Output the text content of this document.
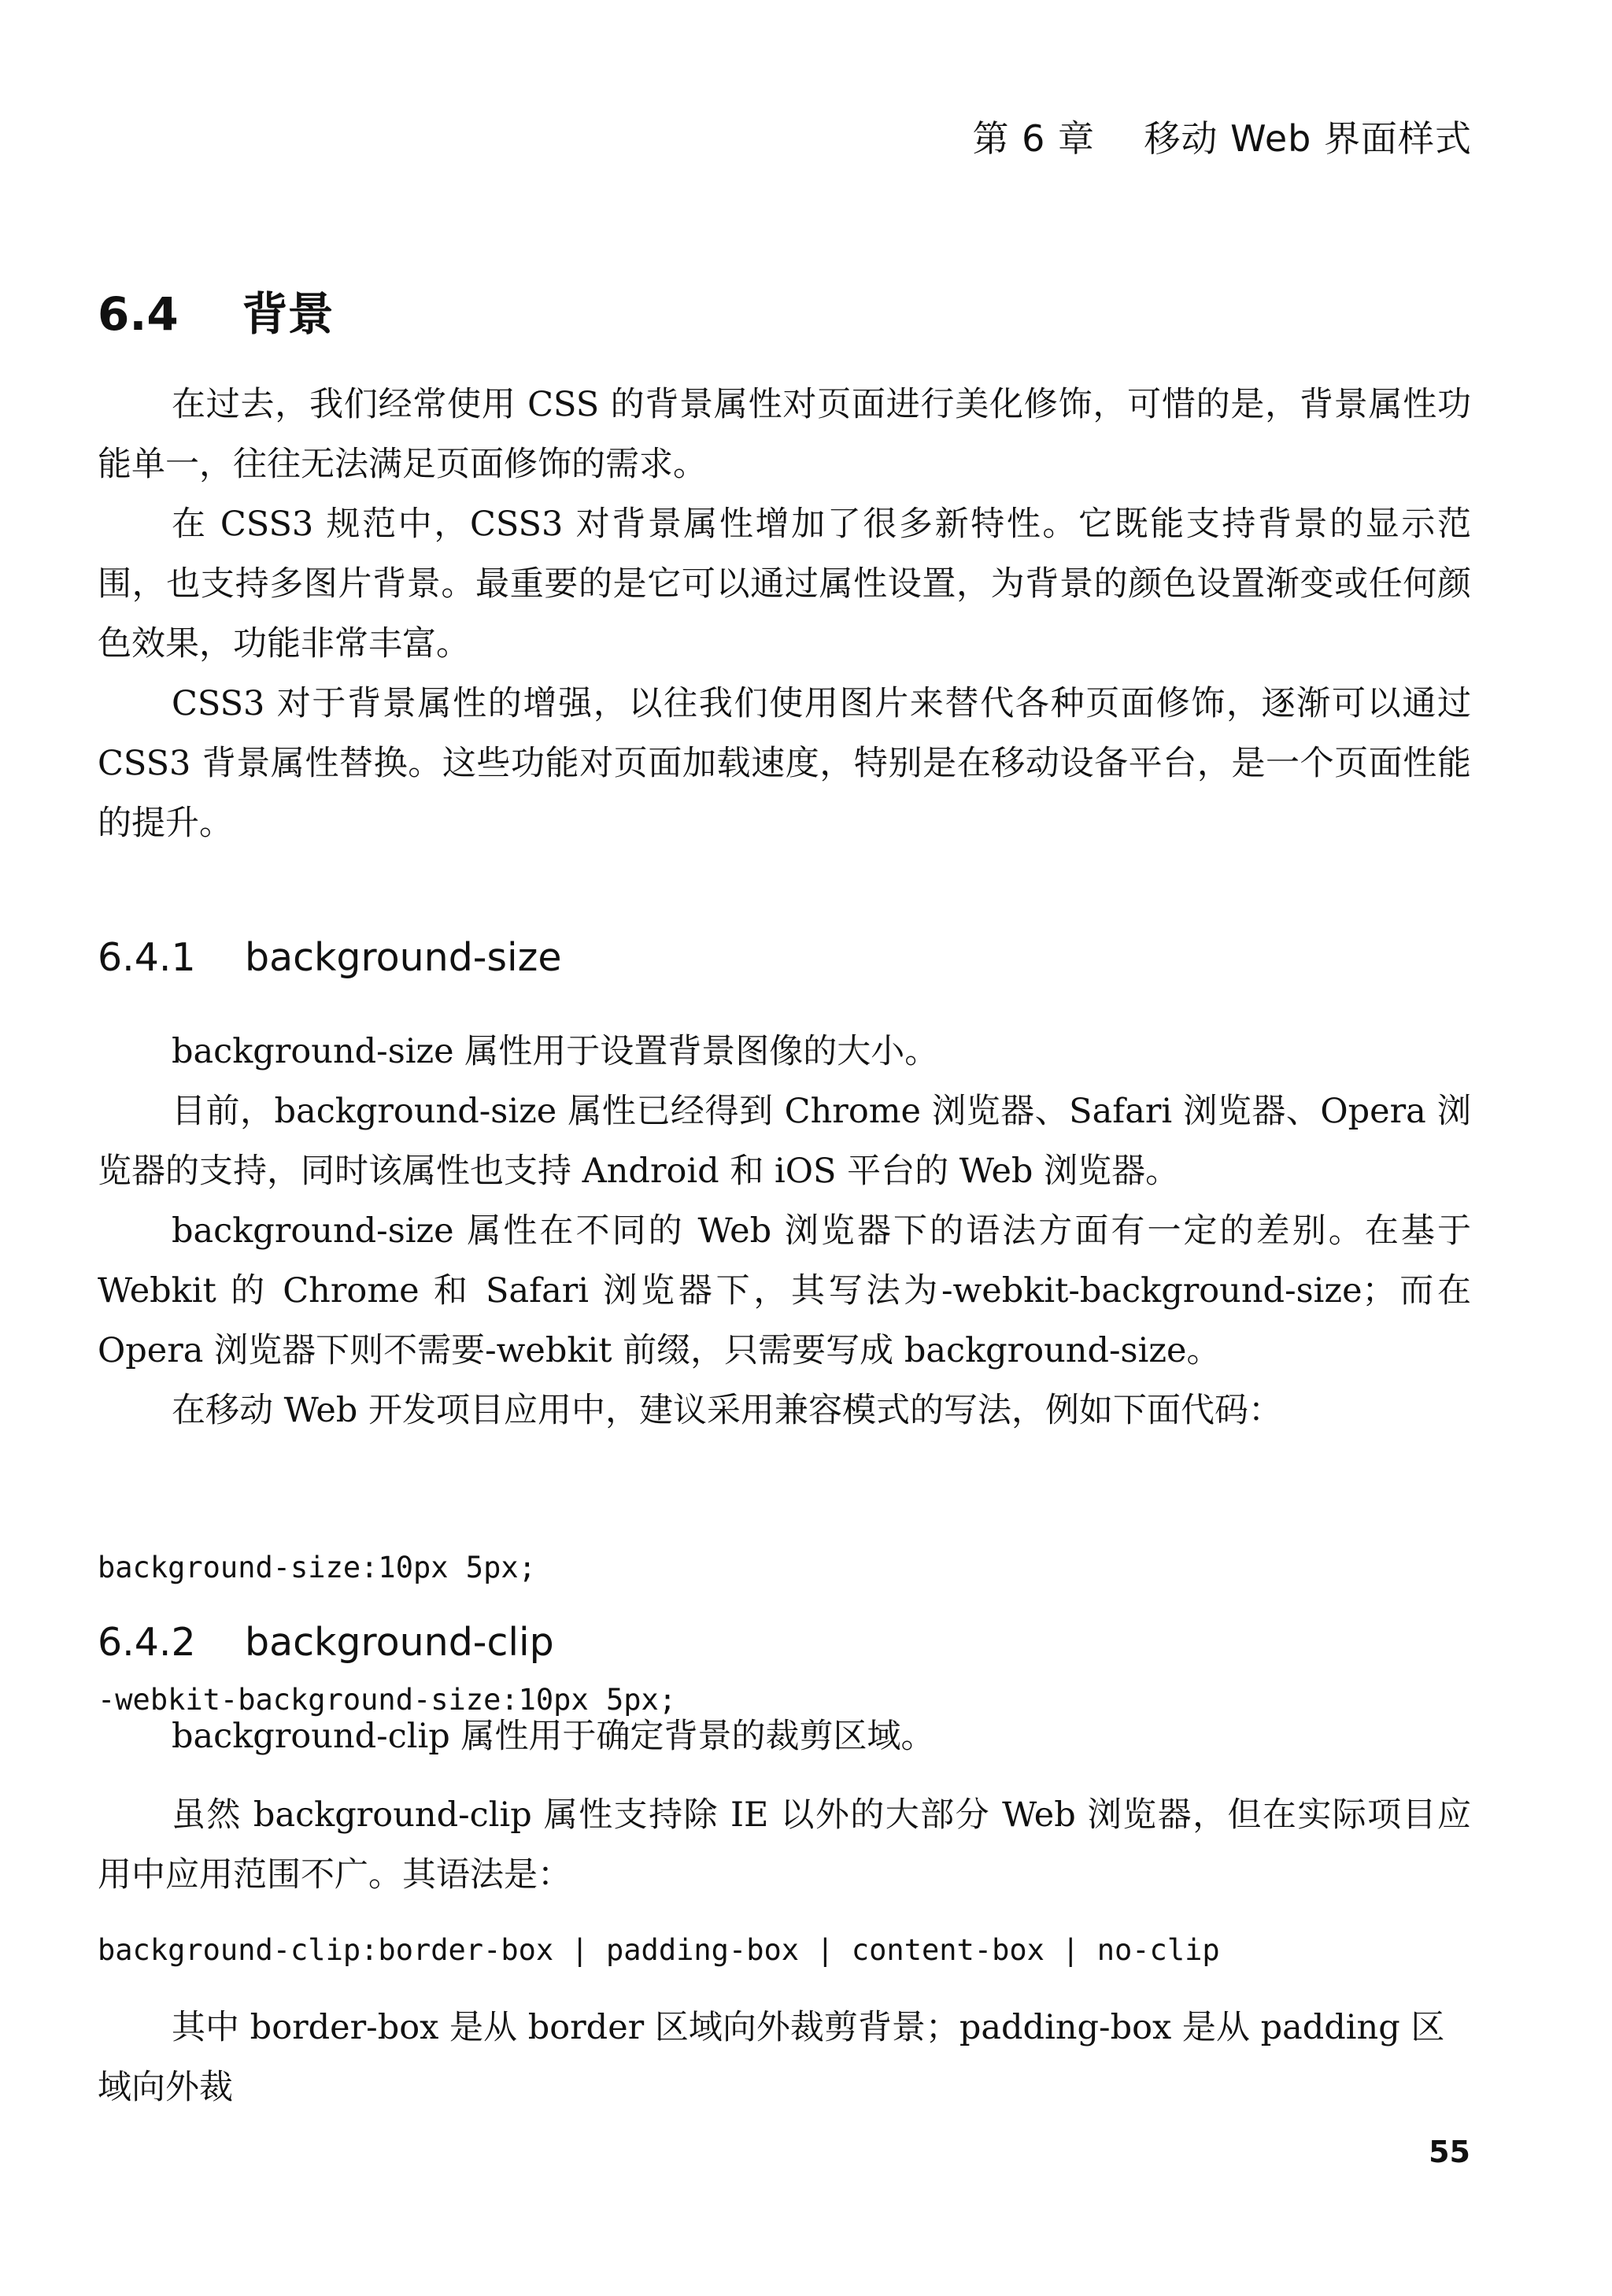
第 6 章    移动 Web 界面样式
6.4    背景

在过去，我们经常使用 CSS 的背景属性对页面进行美化修饰，可惜的是，背景属性功能单一，往往无法满足页面修饰的需求。

在 CSS3 规范中，CSS3 对背景属性增加了很多新特性。它既能支持背景的显示范围，也支持多图片背景。最重要的是它可以通过属性设置，为背景的颜色设置渐变或任何颜色效果，功能非常丰富。

CSS3 对于背景属性的增强，以往我们使用图片来替代各种页面修饰，逐渐可以通过 CSS3 背景属性替换。这些功能对页面加载速度，特别是在移动设备平台，是一个页面性能的提升。

6.4.1    background-size

background-size 属性用于设置背景图像的大小。

目前，background-size 属性已经得到 Chrome 浏览器、Safari 浏览器、Opera 浏览器的支持，同时该属性也支持 Android 和 iOS 平台的 Web 浏览器。

background-size 属性在不同的 Web 浏览器下的语法方面有一定的差别。在基于 Webkit 的 Chrome 和 Safari 浏览器下，其写法为-webkit-background-size；而在 Opera 浏览器下则不需要-webkit 前缀，只需要写成 background-size。

在移动 Web 开发项目应用中，建议采用兼容模式的写法，例如下面代码：

background-size:10px 5px;

-webkit-background-size:10px 5px;

6.4.2    background-clip

background-clip 属性用于确定背景的裁剪区域。

虽然 background-clip 属性支持除 IE 以外的大部分 Web 浏览器，但在实际项目应用中应用范围不广。其语法是：

background-clip:border-box | padding-box | content-box | no-clip

其中 border-box 是从 border 区域向外裁剪背景；padding-box 是从 padding 区域向外裁

55
